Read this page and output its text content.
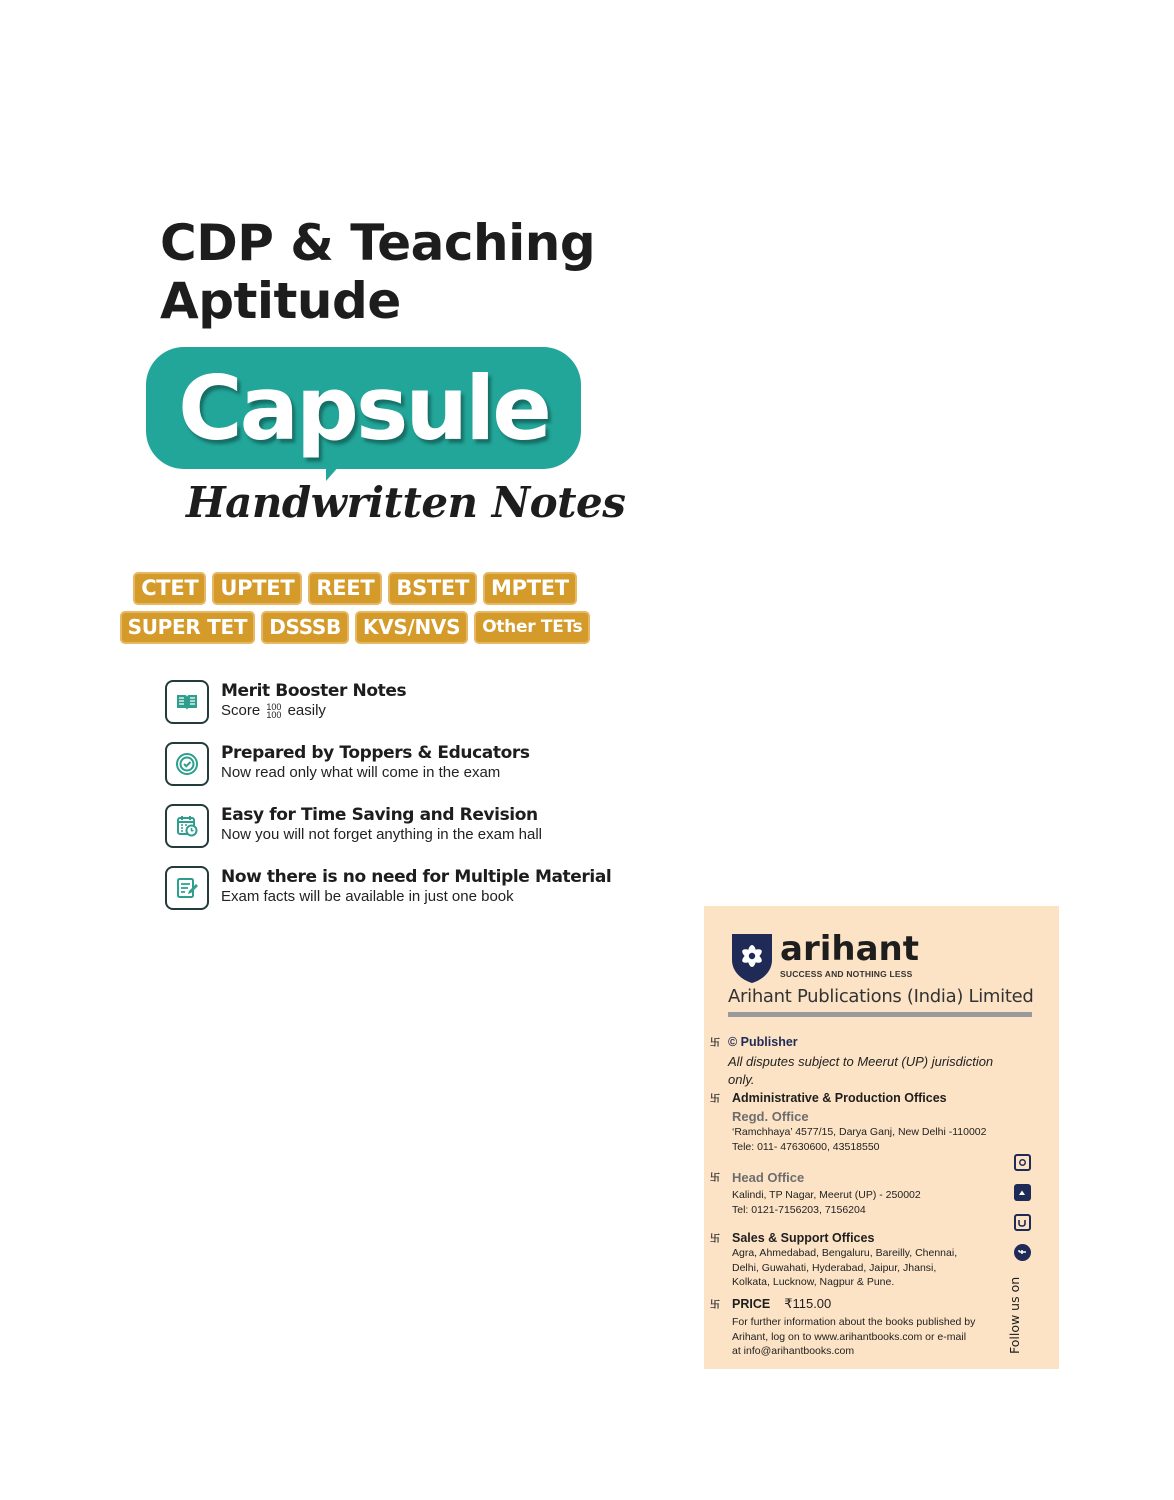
CDP & Teaching
Aptitude
Capsule
Handwritten Notes
CTET	UPTET	REET	BSTET	MPTET
SUPER TET	DSSSB	KVS/NVS	Other TETs
Merit Booster Notes
Score 100
100 easily
Prepared by Toppers & Educators
Now read only what will come in the exam
Easy for Time Saving and Revision
Now you will not forget anything in the exam hall
Now there is no need for Multiple Material
Exam facts will be available in just one book
arihant
SUCCESS AND NOTHING LESS
Arihant Publications (India) Limited
卐 © Publisher
All disputes subject to Meerut (UP) jurisdiction only.
卐 Administrative & Production Offices
Regd. Office
‘Ramchhaya’ 4577/15, Darya Ganj, New Delhi -110002
Tele: 011- 47630600, 43518550
卐 Head Office
Kalindi, TP Nagar, Meerut (UP) - 250002
Tel: 0121-7156203, 7156204
卐 Sales & Support Offices
Agra, Ahmedabad, Bengaluru, Bareilly, Chennai,
Delhi, Guwahati, Hyderabad, Jaipur, Jhansi,
Kolkata, Lucknow, Nagpur & Pune.
卐 PRICE ₹115.00
For further information about the books published by
Arihant, log on to www.arihantbooks.com or e-mail
at info@arihantbooks.com	Follow us on
